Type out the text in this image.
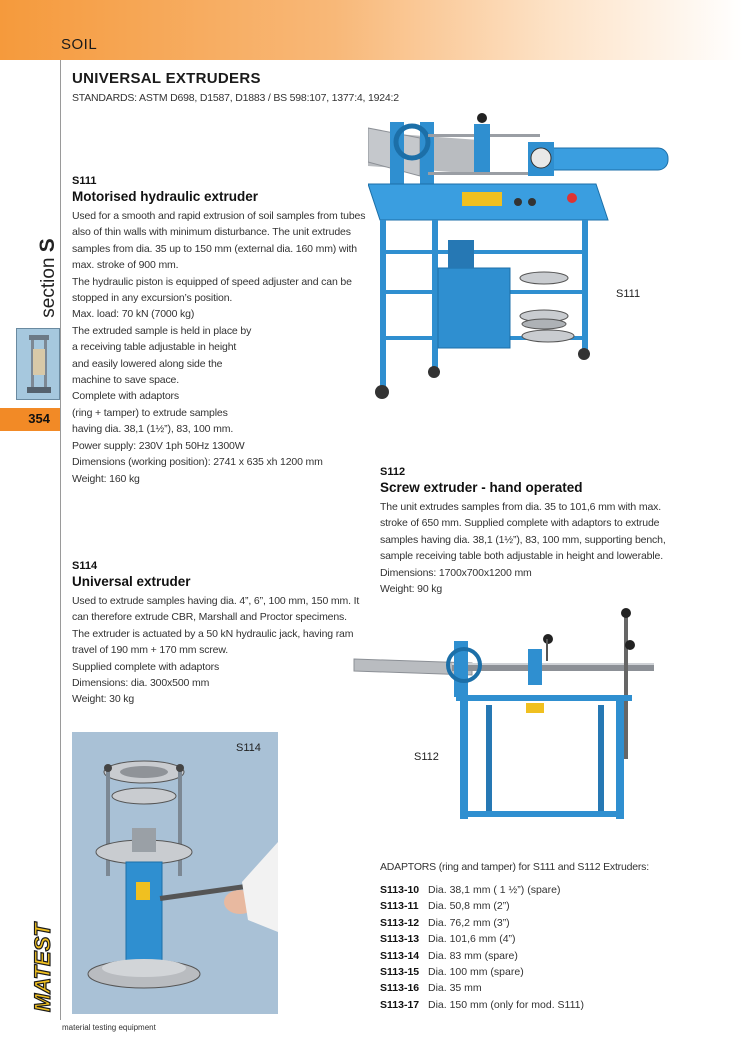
SOIL
section S
354
MATEST
material testing equipment
UNIVERSAL EXTRUDERS
STANDARDS: ASTM D698, D1587, D1883 / BS 598:107, 1377:4, 1924:2
S111
Motorised hydraulic extruder

Used for a smooth and rapid extrusion of soil samples from tubes also of thin walls with minimum disturbance. The unit extrudes samples from dia. 35 up to 150 mm (external dia. 160 mm) with max. stroke of 900 mm.

The hydraulic piston is equipped of speed adjuster and can be stopped in any excursion’s position.

Max. load: 70 kN (7000 kg)

The extruded sample is held in place by

a receiving table adjustable in height

and easily lowered along side the

machine to save space.

Complete with adaptors

(ring + tamper) to extrude samples

having dia. 38,1 (1½”), 83, 100 mm.

Power supply: 230V 1ph 50Hz 1300W

Dimensions (working position): 2741 x 635 xh 1200 mm

Weight: 160 kg

S111
S112
Screw extruder - hand operated

The unit extrudes samples from dia. 35 to 101,6 mm with max. stroke of 650 mm. Supplied complete with adaptors to extrude samples having dia. 38,1 (1½”), 83, 100 mm, supporting bench, sample receiving table both adjustable in height and lowerable.

Dimensions: 1700x700x1200 mm

Weight: 90 kg

S112
S114
Universal extruder

Used to extrude samples having dia. 4”, 6”, 100 mm, 150 mm. It can therefore extrude CBR, Marshall and Proctor specimens.

The extruder is actuated by a 50 kN hydraulic jack, having ram travel of 190 mm + 170 mm screw.

Supplied complete with adaptors

Dimensions: dia. 300x500 mm

Weight: 30 kg

S114
ADAPTORS (ring and tamper) for S111 and S112 Extruders:
S113-10 Dia. 38,1 mm ( 1 ½”) (spare)
S113-11 Dia. 50,8 mm (2”)
S113-12 Dia. 76,2 mm (3”)
S113-13 Dia. 101,6 mm (4”)
S113-14 Dia. 83 mm (spare)
S113-15 Dia. 100 mm (spare)
S113-16 Dia. 35 mm
S113-17 Dia. 150 mm (only for mod. S111)
